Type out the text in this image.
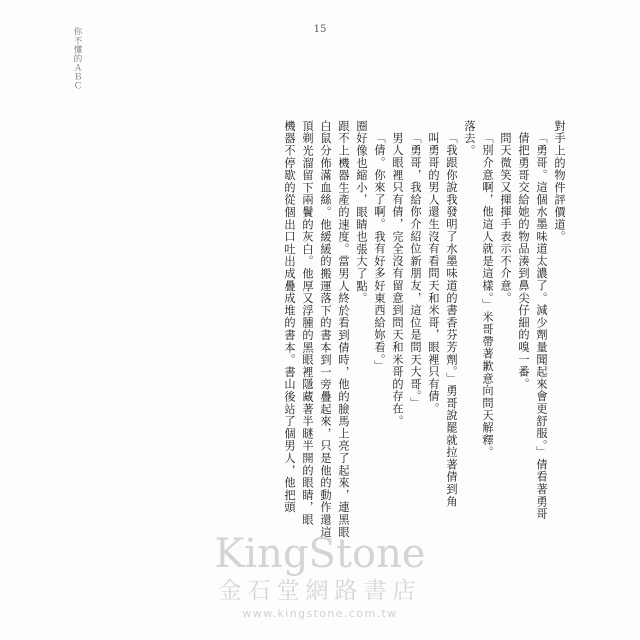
你不懂的ＡＢＣ	15
機器不停歇的從個出口吐出成疊成堆的書本。書山後站了個男人，他把頭 頂剃光溜留下兩鬢的灰白。他厚又浮腫的黑眼裡隱藏著半瞇半開的眼睛，眼 白鼠分佈滿血絲。他緩緩的搬運落下的書本到一旁疊起來，只是他的動作還這 跟不上機器生產的速度。當男人終於看到倩時，他的臉馬上亮了起來，連黑眼 圈好像也縮小，眼睛也張大了點。 「倩。你來了啊。我有好多好東西給妳看。」 男人眼裡只有倩，完全沒有留意到問天和米哥的存在。 「勇哥，我給你介紹位新朋友，這位是問天大哥。」 叫勇哥的男人還生沒有看問天和米哥，眼裡只有倩。 「我跟你說我發明了水墨味道的書香芬芳劑。」勇哥說罷就拉著倩到角 落去。 「別介意啊，他這人就是這樣。」米哥帶著歉意向問天解釋。 問天微笑又揮揮手表示不介意。 倩把勇哥交給她的物品湊到鼻尖仔細的嗅一番。 「勇哥。這個水墨味道太濃了。減少劑量聞起來會更舒服。」倩看著勇哥 對手上的物件評價道。
KingStone
金石堂網路書店
www.kingstone.com.tw
